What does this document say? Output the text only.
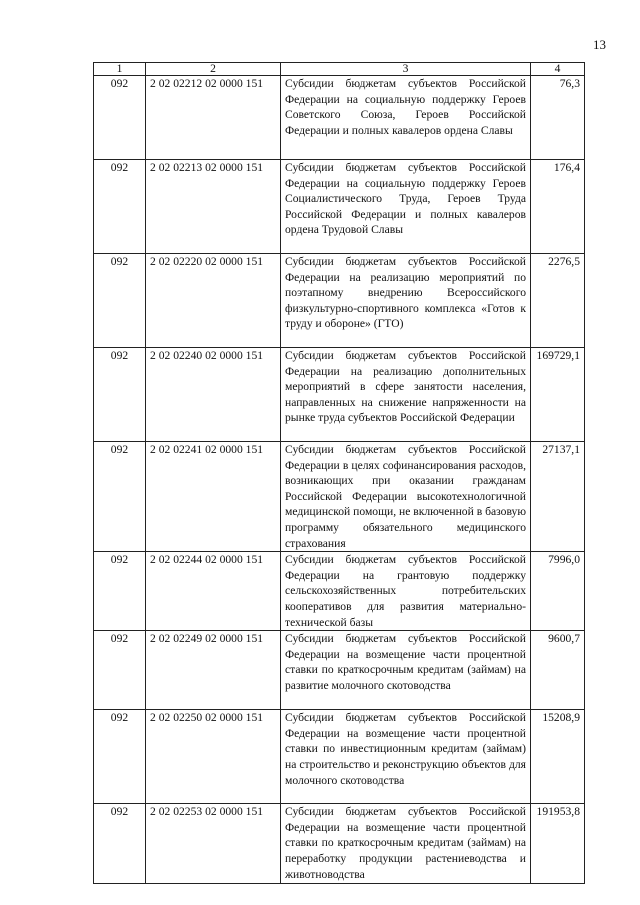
13
1	2	3	4
092	2 02 02212 02 0000 151	Субсидии бюджетам субъектов Российской Федерации на социальную поддержку Героев Советского Союза, Героев Российской Федерации и полных кавалеров ордена Славы	76,3
092	2 02 02213 02 0000 151	Субсидии бюджетам субъектов Российской Федерации на социальную поддержку Героев Социалистического Труда, Героев Труда Российской Федерации и полных кавалеров ордена Трудовой Славы	176,4
092	2 02 02220 02 0000 151	Субсидии бюджетам субъектов Российской Федерации на реализацию мероприятий по поэтапному внедрению Всероссийского физкультурно-спортивного комплекса «Готов к труду и обороне» (ГТО)	2276,5
092	2 02 02240 02 0000 151	Субсидии бюджетам субъектов Российской Федерации на реализацию дополнительных мероприятий в сфере занятости населения, направленных на снижение напряженности на рынке труда субъектов Российской Федерации	169729,1
092	2 02 02241 02 0000 151	Субсидии бюджетам субъектов Российской Федерации в целях софинансирования расходов, возникающих при оказании гражданам Российской Федерации высокотехнологичной медицинской помощи, не включенной в базовую программу обязательного медицинского страхования	27137,1
092	2 02 02244 02 0000 151	Субсидии бюджетам субъектов Российской Федерации на грантовую поддержку сельскохозяйственных потребительских кооперативов для развития материально-технической базы	7996,0
092	2 02 02249 02 0000 151	Субсидии бюджетам субъектов Российской Федерации на возмещение части процентной ставки по краткосрочным кредитам (займам) на развитие молочного скотоводства	9600,7
092	2 02 02250 02 0000 151	Субсидии бюджетам субъектов Российской Федерации на возмещение части процентной ставки по инвестиционным кредитам (займам) на строительство и реконструкцию объектов для молочного скотоводства	15208,9
092	2 02 02253 02 0000 151	Субсидии бюджетам субъектов Российской Федерации на возмещение части процентной ставки по краткосрочным кредитам (займам) на переработку продукции растениеводства и животноводства	191953,8
